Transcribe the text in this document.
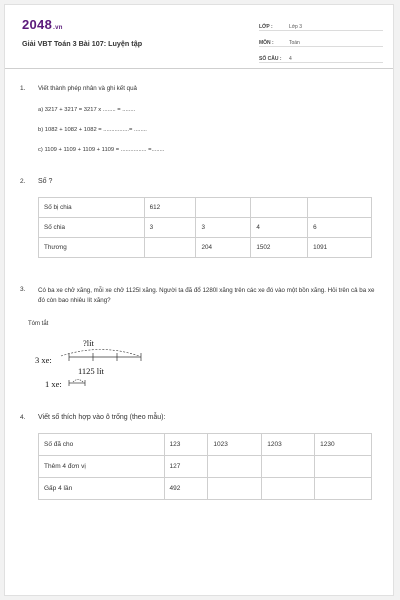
2048.vn
Giải VBT Toán 3 Bài 107: Luyện tập
LỚP :	Lớp 3
MÔN :	Toán
SỐ CÂU :	4
1. Viết thành phép nhân và ghi kết quả
a) 3217 + 3217 = 3217 x ........ = ........
b) 1082 + 1082 + 1082 = ................= ........
c) 1109 + 1109 + 1109 + 1109 = ................ =........
2. Số ?
Số bị chia	612			
Số chia	3	3	4	6
Thương		204	1502	1091
3. Có ba xe chở xăng, mỗi xe chở 1125l xăng. Người ta đã đổ 1280l xăng trên các xe đó vào một bồn xăng. Hỏi trên cả ba xe đó còn bao nhiêu lít xăng?
Tóm tắt
?lít
3 xe:
1125 lít
1 xe:
4. Viết số thích hợp vào ô trống (theo mẫu):
Số đã cho	123	1023	1203	1230
Thêm 4 đơn vị	127			
Gấp 4 lần	492			
